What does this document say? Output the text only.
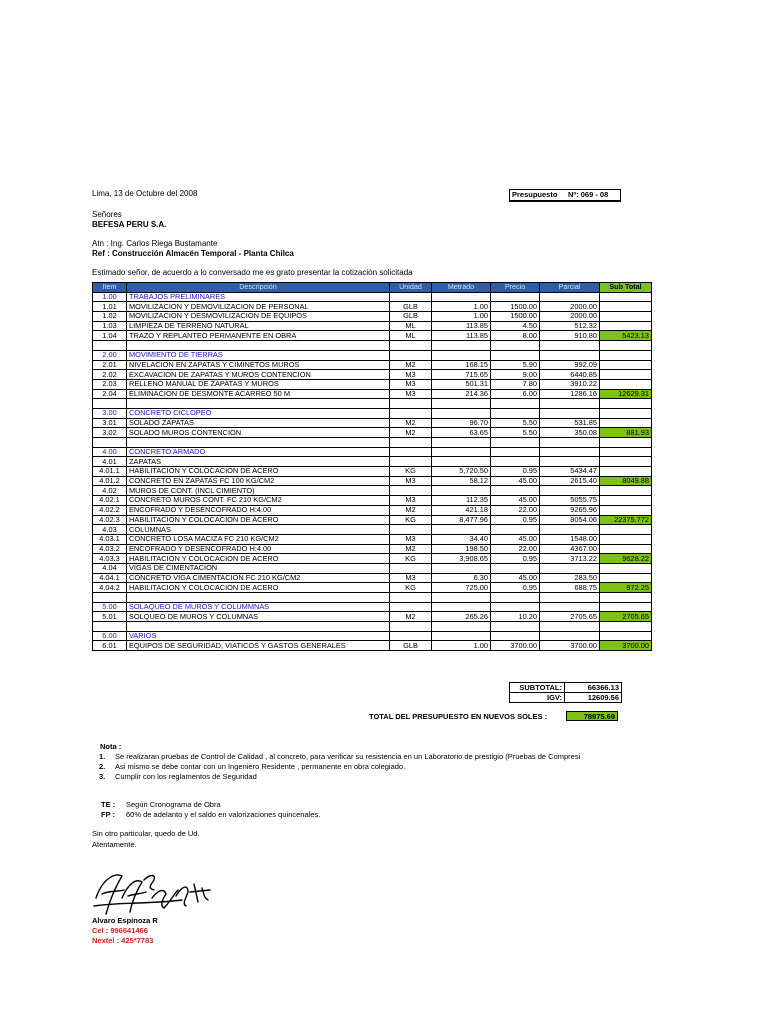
Lima, 13 de Octubre del 2008	Presupuesto	Nº: 069 - 08
Señores
BEFESA PERU S.A.
Atn : Ing. Carlos Riega Bustamante
Ref : Construcción Almacén Temporal - Planta Chilca
Estimado señor, de acuerdo a lo conversado me es grato presentar la cotización solicitada
Item	Descripción	Unidad	Metrado	Precio	Parcial	Sub Total
1.00	TRABAJOS PRELIMINARES					
1.01	MOVILIZACION Y DEMOVILIZACION DE PERSONAL	GLB	1.00	1500.00	2000.00	
1.02	MOVILIZACION Y DESMOVILIZACION DE EQUIPOS	GLB	1.00	1500.00	2000.00	
1.03	LIMPIEZA DE TERRENO NATURAL	ML	113.85	4.50	512.32	
1.04	TRAZO Y REPLANTEO PERMANENTE EN OBRA	ML	113.85	8.00	910.80	5423.13

2.00	MOVIMIENTO DE TIERRAS					
2.01	NIVELACION EN ZAPATAS Y CIMINETOS MUROS	M2	168.15	5.90	992.09	
2.02	EXCAVACION DE ZAPATAS Y MUROS CONTENCION	M3	715.65	9.00	6440.85	
2.03	RELLENO MANUAL DE ZAPATAS Y MUROS	M3	501.31	7.80	3910.22	
2.04	ELIMINACION DE DESMONTE ACARREO 50 M	M3	214.36	6.00	1286.16	12629.31

3.00	CONCRETO CICLOPEO					
3.01	SOLADO ZAPATAS	M2	96.70	5.50	531.85	
3.02	SOLADO MUROS CONTENCION	M2	63.65	5.50	350.08	881.93

4.00	CONCRETO ARMADO					
4.01	ZAPATAS					
4.01.1	HABILITACION Y COLOCACION DE ACERO	KG	5,720.50	0.95	5434.47	
4.01.2	CONCRETO EN ZAPATAS FC 100 KG/CM2	M3	58.12	45.00	2615.40	8049.88
4.02	MUROS DE CONT. (INCL CIMIENTO)					
4.02.1	CONCRETO MUROS CONT. FC 210 KG/CM2	M3	112.35	45.00	5055.75	
4.02.2	ENCOFRADO Y DESENCOFRADO H:4.00	M2	421.18	22.00	9265.96	
4.02.3	HABILITACION Y COLOCACION DE ACERO	KG	8,477.96	0.95	8054.06	22375.772
4.03	COLUMNAS					
4.03.1	CONCRETO LOSA MACIZA FC 210 KG/CM2	M3	34.40	45.00	1548.00	
4.03.2	ENCOFRADO Y DESENCOFRADO H:4.00	M2	198.50	22.00	4367.00	
4.03.3	HABILITACION Y COLOCACION DE ACERO	KG	3,908.65	0.95	3713.22	9628.22
4.04	VIGAS DE CIMENTACION					
4.04.1	CONCRETO VIGA CIMENTACION FC 210 KG/CM2	M3	6.30	45.00	283.50	
4.04.2	HABILITACION Y COLOCACION DE ACERO	KG	725.00	0.95	688.75	972.25

5.00	SOLAQUEO DE MUROS Y COLUMMNAS					
5.01	SOLQUEO DE MUROS Y COLUMNAS	M2	265.26	10.20	2705.65	2705.65

6.00	VARIOS					
6.01	EQUIPOS DE SEGURIDAD, VIATICOS Y GASTOS GENERALES	GLB	1.00	3700.00	3700.00	3700.00
SUBTOTAL:	66366.13
IGV:	12609.56
TOTAL DEL PRESUPUESTO EN NUEVOS SOLES :	78975.69
Nota :
1.	Se realizaran pruebas de Control de Calidad , al concreto, para verificar su resistencia en un Laboratorio de prestigio (Pruebas de Compresi
2.	Asi mismo se debe contar con un Ingeniero Residente , permanente en obra colegiado.
3.	Cumplir con los reglamentos de Seguridad
TE : Según Cronograma de Obra
FP : 60% de adelanto y el saldo en valorizaciones quincenales.
Sin otro particular, quedo de Ud.
Atentamente.
Alvaro Espinoza R
Cel : 996641466
Nextel : 425*7783
